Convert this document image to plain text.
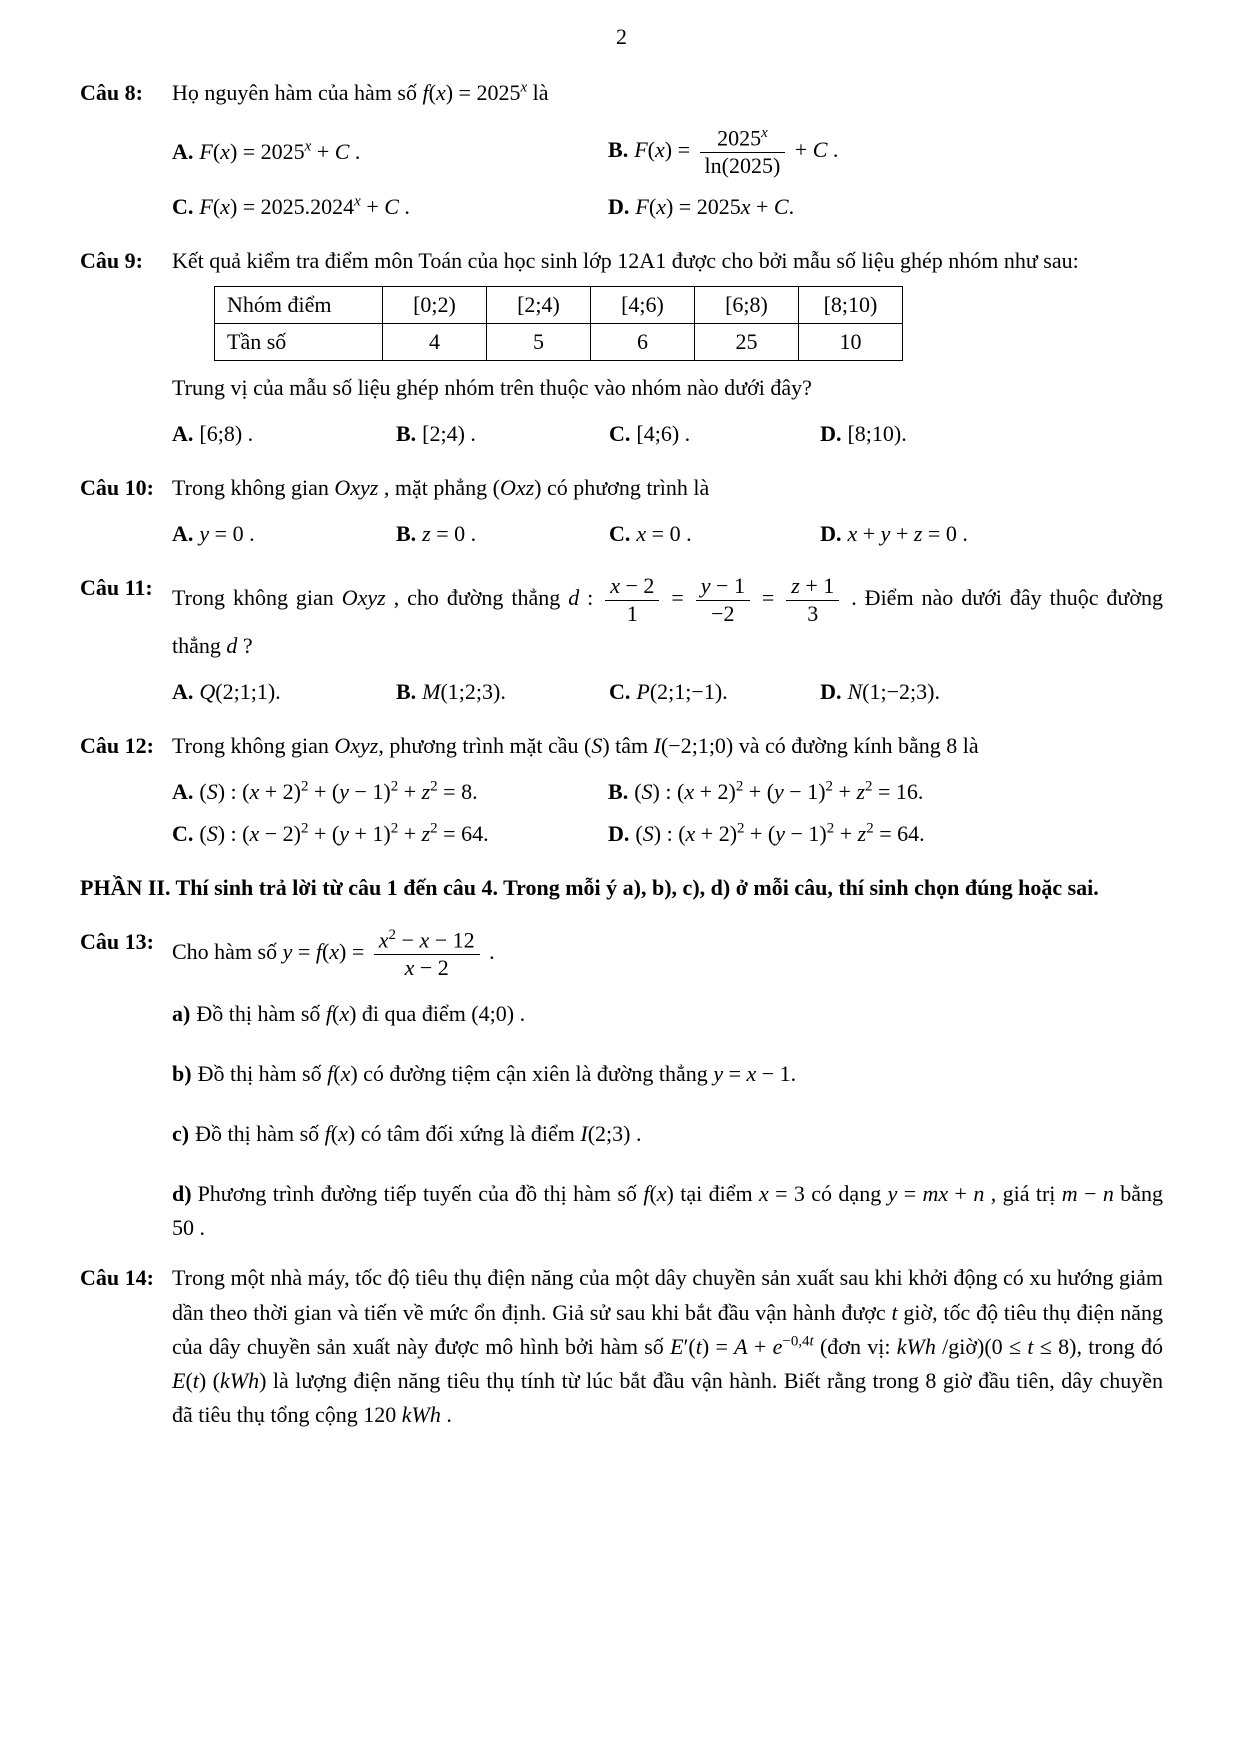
2
Câu 8:	Họ nguyên hàm của hàm số $f(x) = 2025^x$ là
A. $F(x) = 2025^x + C$ .	B. $F(x) = \frac{2025^x}{\ln(2025)} + C$ .
C. $F(x) = 2025.2024^x + C$ .	D. F(x) = 2025x + C.
Câu 9:	Kết quả kiểm tra điểm môn Toán của học sinh lớp 12A1 được cho bởi mẫu số liệu ghép nhóm như sau:
Nhóm điểm	[0;2)	[2;4)	[4;6)	[6;8)	[8;10)
Tần số	4	5	6	25	10
Trung vị của mẫu số liệu ghép nhóm trên thuộc vào nhóm nào dưới đây?
A. [6;8) .	B. [2;4) .	C. [4;6) .	D. [8;10).
Câu 10: Trong không gian Oxyz , mặt phẳng (Oxz) có phương trình là
A. y = 0 .	B. z = 0 .	C. x = 0 .	D. x + y + z = 0 .
Câu 11: Trong không gian Oxyz , cho đường thẳng d : $\frac{x - 2}{1} = \frac{y - 1}{-2} = \frac{z + 1}{3}$ . Điểm nào dưới đây thuộc đường thẳng d ?
A. Q(2;1;1).	B. M(1;2;3).	C. P(2;1;−1).	D. N(1;−2;3).
Câu 12: Trong không gian Oxyz, phương trình mặt cầu (S) tâm I(−2;1;0) và có đường kính bằng 8 là
A. (S) : $(x + 2)^2 + (y - 1)^2 + z^2 = 8$.	B. (S) : $(x + 2)^2 + (y - 1)^2 + z^2 = 16$.
C. (S) : $(x - 2)^2 + (y + 1)^2 + z^2 = 64$.	D. (S) : $(x + 2)^2 + (y - 1)^2 + z^2 = 64$.
PHẦN II. Thí sinh trả lời từ câu 1 đến câu 4. Trong mỗi ý a), b), c), d) ở mỗi câu, thí sinh chọn đúng hoặc sai.
Câu 13: Cho hàm số $y = f(x) = \frac{x^2 - x - 12}{x - 2}$ .
a) Đồ thị hàm số f(x) đi qua điểm (4;0) .
b) Đồ thị hàm số f(x) có đường tiệm cận xiên là đường thẳng y = x − 1.
c) Đồ thị hàm số f(x) có tâm đối xứng là điểm I(2;3) .
d) Phương trình đường tiếp tuyến của đồ thị hàm số f(x) tại điểm x = 3 có dạng y = mx + n , giá trị m − n bằng 50 .
Câu 14: Trong một nhà máy, tốc độ tiêu thụ điện năng của một dây chuyền sản xuất sau khi khởi động có xu hướng giảm dần theo thời gian và tiến về mức ổn định. Giả sử sau khi bắt đầu vận hành được t giờ, tốc độ tiêu thụ điện năng của dây chuyền sản xuất này được mô hình bởi hàm số $E'(t) = A + e^{-0,4t}$ (đơn vị: kWh /giờ)(0 ≤ t ≤ 8), trong đó E(t) (kWh) là lượng điện năng tiêu thụ tính từ lúc bắt đầu vận hành. Biết rằng trong 8 giờ đầu tiên, dây chuyền đã tiêu thụ tổng cộng 120 kWh .
